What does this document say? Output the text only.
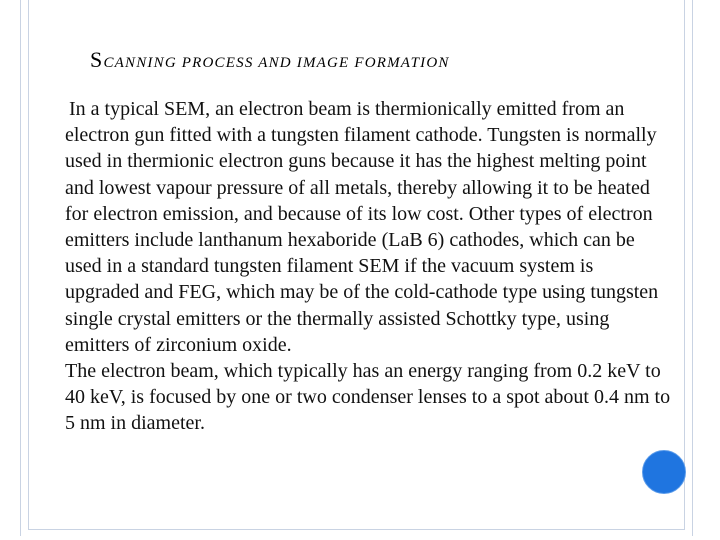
SCANNING PROCESS AND IMAGE FORMATION

In a typical SEM, an electron beam is thermionically emitted from an electron gun fitted with a tungsten filament cathode. Tungsten is normally used in thermionic electron guns because it has the highest melting point and lowest vapour pressure of all metals, thereby allowing it to be heated for electron emission, and because of its low cost. Other types of electron emitters include lanthanum hexaboride (LaB 6) cathodes, which can be used in a standard tungsten filament SEM if the vacuum system is upgraded and FEG, which may be of the cold-cathode type using tungsten single crystal emitters or the thermally assisted Schottky type, using emitters of zirconium oxide.

The electron beam, which typically has an energy ranging from 0.2 keV to 40 keV, is focused by one or two condenser lenses to a spot about 0.4 nm to 5 nm in diameter.
